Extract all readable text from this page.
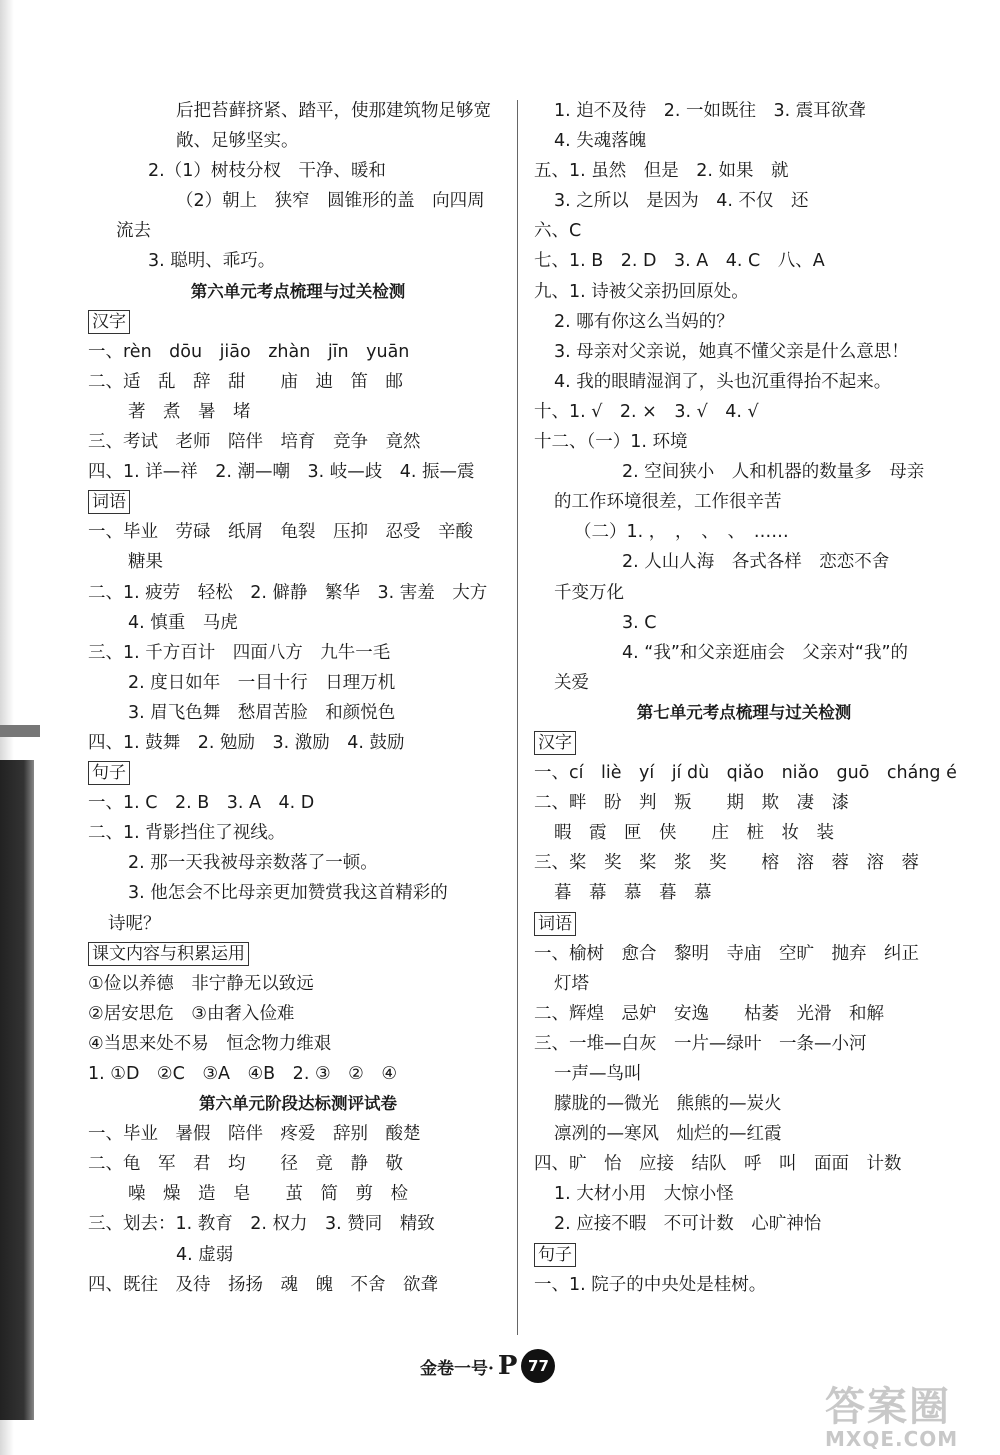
后把苔藓挤紧、踏平，使那建筑物足够宽
敞、足够坚实。
2.（1）树枝分杈　干净、暖和
（2）朝上　狭窄　圆锥形的盖　向四周
流去
3. 聪明、乖巧。
第六单元考点梳理与过关检测
汉字
一、rèn　dōu　jiāo　zhàn　jīn　yuān
二、适　乱　辞　甜　　庙　迪　笛　邮
著　煮　暑　堵
三、考试　老师　陪伴　培育　竞争　竟然
四、1. 详—祥　2. 潮—嘲　3. 岐—歧　4. 振—震
词语
一、毕业　劳碌　纸屑　龟裂　压抑　忍受　辛酸
糖果
二、1. 疲劳　轻松　2. 僻静　繁华　3. 害羞　大方
4. 慎重　马虎
三、1. 千方百计　四面八方　九牛一毛
2. 度日如年　一目十行　日理万机
3. 眉飞色舞　愁眉苦脸　和颜悦色
四、1. 鼓舞　2. 勉励　3. 激励　4. 鼓励
句子
一、1. C　2. B　3. A　4. D
二、1. 背影挡住了视线。
2. 那一天我被母亲数落了一顿。
3. 他怎会不比母亲更加赞赏我这首精彩的
诗呢？
课文内容与积累运用
①俭以养德　非宁静无以致远
②居安思危　③由奢入俭难
④当思来处不易　恒念物力维艰
1. ①D　②C　③A　④B　2. ③　②　④
第六单元阶段达标测评试卷
一、毕业　暑假　陪伴　疼爱　辞别　酸楚
二、龟　军　君　均　　径　竟　静　敬
噪　燥　造　皂　　茧　简　剪　检
三、划去：1. 教育　2. 权力　3. 赞同　精致
4. 虚弱
四、既往　及待　扬扬　魂　魄　不舍　欲聋
1. 迫不及待　2. 一如既往　3. 震耳欲聋
4. 失魂落魄
五、1. 虽然　但是　2. 如果　就
3. 之所以　是因为　4. 不仅　还
六、C
七、1. B　2. D　3. A　4. C　八、A
九、1. 诗被父亲扔回原处。
2. 哪有你这么当妈的？
3. 母亲对父亲说，她真不懂父亲是什么意思！
4. 我的眼睛湿润了，头也沉重得抬不起来。
十、1. √　2. ×　3. √　4. √
十二、（一）1. 环境
2. 空间狭小　人和机器的数量多　母亲
的工作环境很差，工作很辛苦
（二）1. ，　，　、　、　……
2. 人山人海　各式各样　恋恋不舍
千变万化
3. C
4. “我”和父亲逛庙会　父亲对“我”的
关爱
第七单元考点梳理与过关检测
汉字
一、cí　liè　yí　jí dù　qiǎo　niǎo　guō　cháng é
二、畔　盼　判　叛　　期　欺　凄　漆
暇　霞　匣　侠　　庄　桩　妆　装
三、桨　奖　桨　浆　奖　　榕　溶　蓉　溶　蓉
暮　幕　慕　暮　慕
词语
一、榆树　愈合　黎明　寺庙　空旷　抛弃　纠正
灯塔
二、辉煌　忌妒　安逸　　枯萎　光滑　和解
三、一堆—白灰　一片—绿叶　一条—小河
一声—鸟叫
朦胧的—微光　熊熊的—炭火
凛冽的—寒风　灿烂的—红霞
四、旷　怡　应接　结队　呼　叫　面面　计数
1. 大材小用　大惊小怪
2. 应接不暇　不可计数　心旷神怡
句子
一、1. 院子的中央处是桂树。
金卷一号· P 77
答案圈
MXQE.COM
